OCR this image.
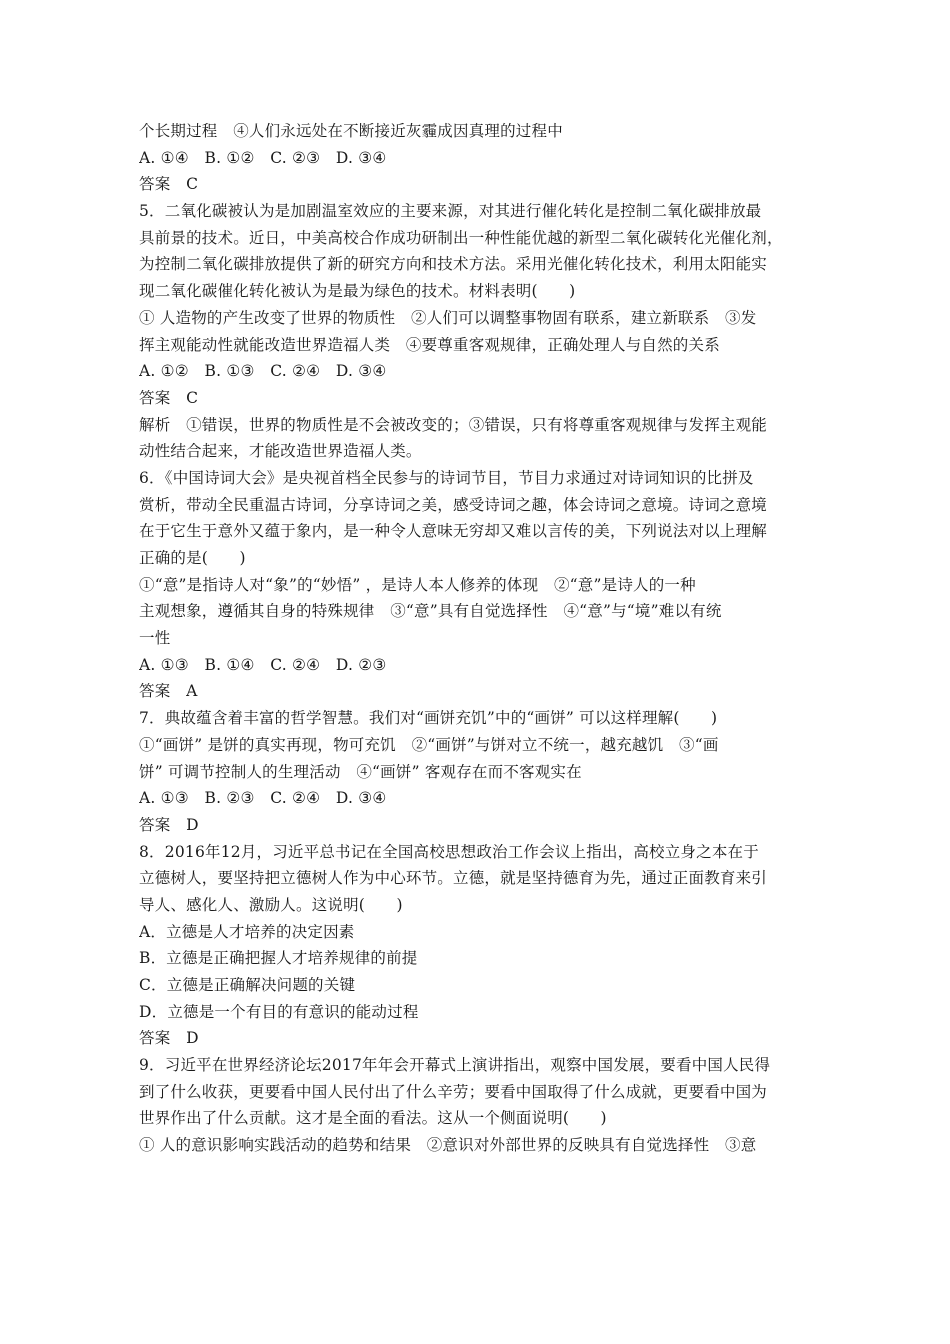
个长期过程　④人们永远处在不断接近灰霾成因真理的过程中
A. ①④　B. ①②　C. ②③　D. ③④
答案　C
5．二氧化碳被认为是加剧温室效应的主要来源，对其进行催化转化是控制二氧化碳排放最
具前景的技术。近日，中美高校合作成功研制出一种性能优越的新型二氧化碳转化光催化剂，
为控制二氧化碳排放提供了新的研究方向和技术方法。采用光催化转化技术，利用太阳能实
现二氧化碳催化转化被认为是最为绿色的技术。材料表明(　　)
① 人造物的产生改变了世界的物质性　②人们可以调整事物固有联系，建立新联系　③发
挥主观能动性就能改造世界造福人类　④要尊重客观规律，正确处理人与自然的关系
A. ①②　B. ①③　C. ②④　D. ③④
答案　C
解析　①错误，世界的物质性是不会被改变的；③错误，只有将尊重客观规律与发挥主观能
动性结合起来，才能改造世界造福人类。
6．《中国诗词大会》是央视首档全民参与的诗词节目，节目力求通过对诗词知识的比拼及
赏析，带动全民重温古诗词，分享诗词之美，感受诗词之趣，体会诗词之意境。诗词之意境
在于它生于意外又蕴于象内，是一种令人意味无穷却又难以言传的美，下列说法对以上理解
正确的是(　　)
①“意”是指诗人对“象”的“妙悟” ，是诗人本人修养的体现　②“意”是诗人的一种
主观想象，遵循其自身的特殊规律　③“意”具有自觉选择性　④“意”与“境”难以有统
一性
A. ①③　B. ①④　C. ②④　D. ②③
答案　A
7．典故蕴含着丰富的哲学智慧。我们对“画饼充饥”中的“画饼” 可以这样理解(　　)
①“画饼” 是饼的真实再现，物可充饥　②“画饼”与饼对立不统一，越充越饥　③“画
饼” 可调节控制人的生理活动　④“画饼” 客观存在而不客观实在
A. ①③　B. ②③　C. ②④　D. ③④
答案　D
8．2016年12月，习近平总书记在全国高校思想政治工作会议上指出，高校立身之本在于
立德树人，要坚持把立德树人作为中心环节。立德，就是坚持德育为先，通过正面教育来引
导人、感化人、激励人。这说明(　　)
A．立德是人才培养的决定因素
B．立德是正确把握人才培养规律的前提
C．立德是正确解决问题的关键
D．立德是一个有目的有意识的能动过程
答案　D
9．习近平在世界经济论坛2017年年会开幕式上演讲指出，观察中国发展，要看中国人民得
到了什么收获，更要看中国人民付出了什么辛劳；要看中国取得了什么成就，更要看中国为
世界作出了什么贡献。这才是全面的看法。这从一个侧面说明(　　)
① 人的意识影响实践活动的趋势和结果　②意识对外部世界的反映具有自觉选择性　③意
